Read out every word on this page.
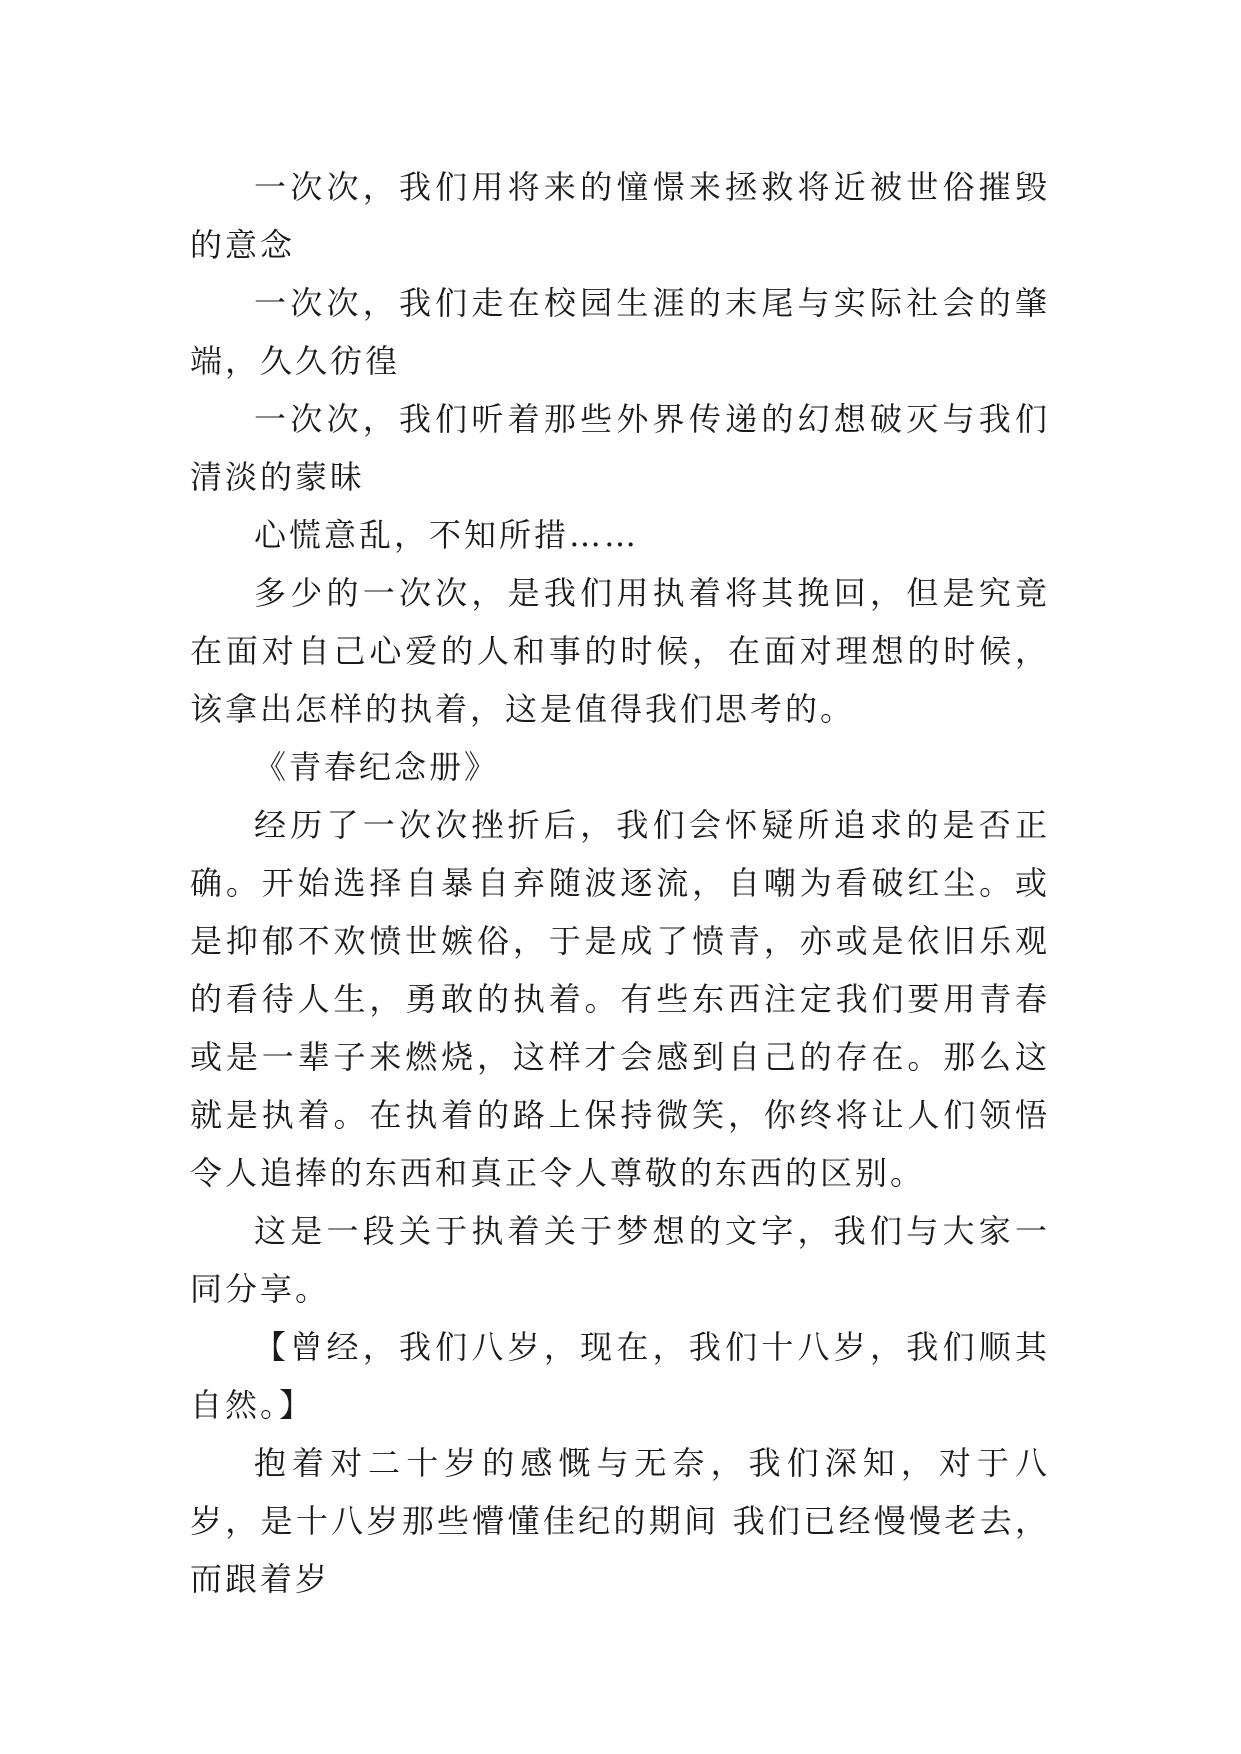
一次次，我们用将来的憧憬来拯救将近被世俗摧毁的意念

一次次，我们走在校园生涯的末尾与实际社会的肇端，久久彷徨

一次次，我们听着那些外界传递的幻想破灭与我们清淡的蒙昧

心慌意乱，不知所措……

多少的一次次，是我们用执着将其挽回，但是究竟在面对自己心爱的人和事的时候，在面对理想的时候，该拿出怎样的执着，这是值得我们思考的。

《青春纪念册》

经历了一次次挫折后，我们会怀疑所追求的是否正确。开始选择自暴自弃随波逐流，自嘲为看破红尘。或是抑郁不欢愤世嫉俗，于是成了愤青，亦或是依旧乐观的看待人生，勇敢的执着。有些东西注定我们要用青春或是一辈子来燃烧，这样才会感到自己的存在。那么这就是执着。在执着的路上保持微笑，你终将让人们领悟令人追捧的东西和真正令人尊敬的东西的区别。

这是一段关于执着关于梦想的文字，我们与大家一同分享。

【曾经，我们八岁，现在，我们十八岁，我们顺其自然。】

抱着对二十岁的感慨与无奈，我们深知，对于八岁，是十八岁那些懵懂佳纪的期间 我们已经慢慢老去，而跟着岁
